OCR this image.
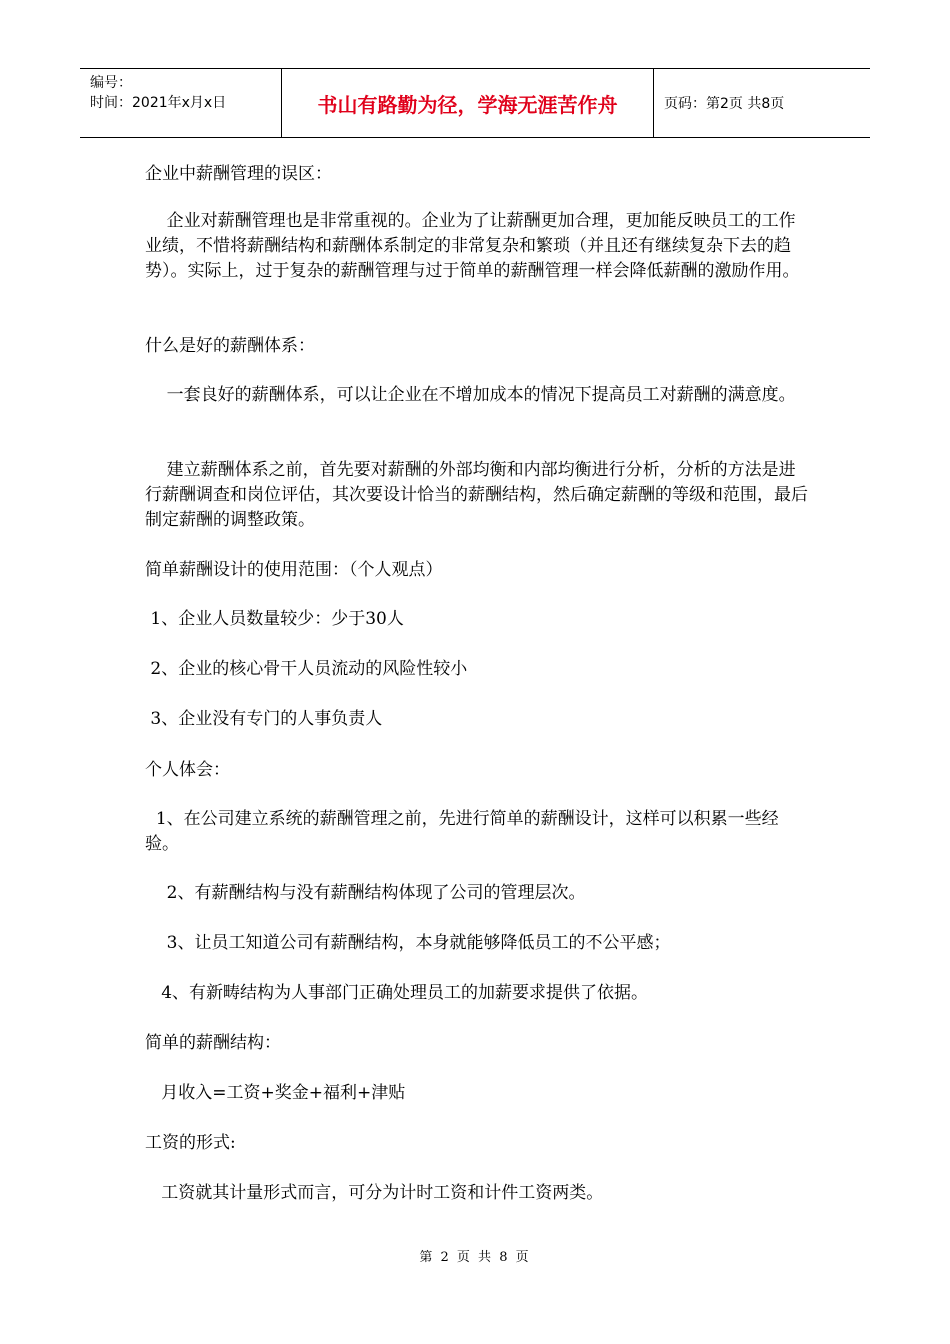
编号：
时间：2021年x月x日	书山有路勤为径，学海无涯苦作舟	页码：第2页 共8页

企业中薪酬管理的误区：

企业对薪酬管理也是非常重视的。企业为了让薪酬更加合理，更加能反映员工的工作业绩，不惜将薪酬结构和薪酬体系制定的非常复杂和繁琐（并且还有继续复杂下去的趋势）。实际上，过于复杂的薪酬管理与过于简单的薪酬管理一样会降低薪酬的激励作用。

什么是好的薪酬体系：

一套良好的薪酬体系，可以让企业在不增加成本的情况下提高员工对薪酬的满意度。

建立薪酬体系之前，首先要对薪酬的外部均衡和内部均衡进行分析，分析的方法是进行薪酬调查和岗位评估，其次要设计恰当的薪酬结构，然后确定薪酬的等级和范围，最后制定薪酬的调整政策。

简单薪酬设计的使用范围：（个人观点）

1、企业人员数量较少：少于30人

2、企业的核心骨干人员流动的风险性较小

3、企业没有专门的人事负责人

个人体会：

1、在公司建立系统的薪酬管理之前，先进行简单的薪酬设计，这样可以积累一些经验。

2、有薪酬结构与没有薪酬结构体现了公司的管理层次。

3、让员工知道公司有薪酬结构，本身就能够降低员工的不公平感；

4、有新畴结构为人事部门正确处理员工的加薪要求提供了依据。

简单的薪酬结构：

月收入=工资+奖金+福利+津贴

工资的形式:

工资就其计量形式而言，可分为计时工资和计件工资两类。

第 2 页 共 8 页
